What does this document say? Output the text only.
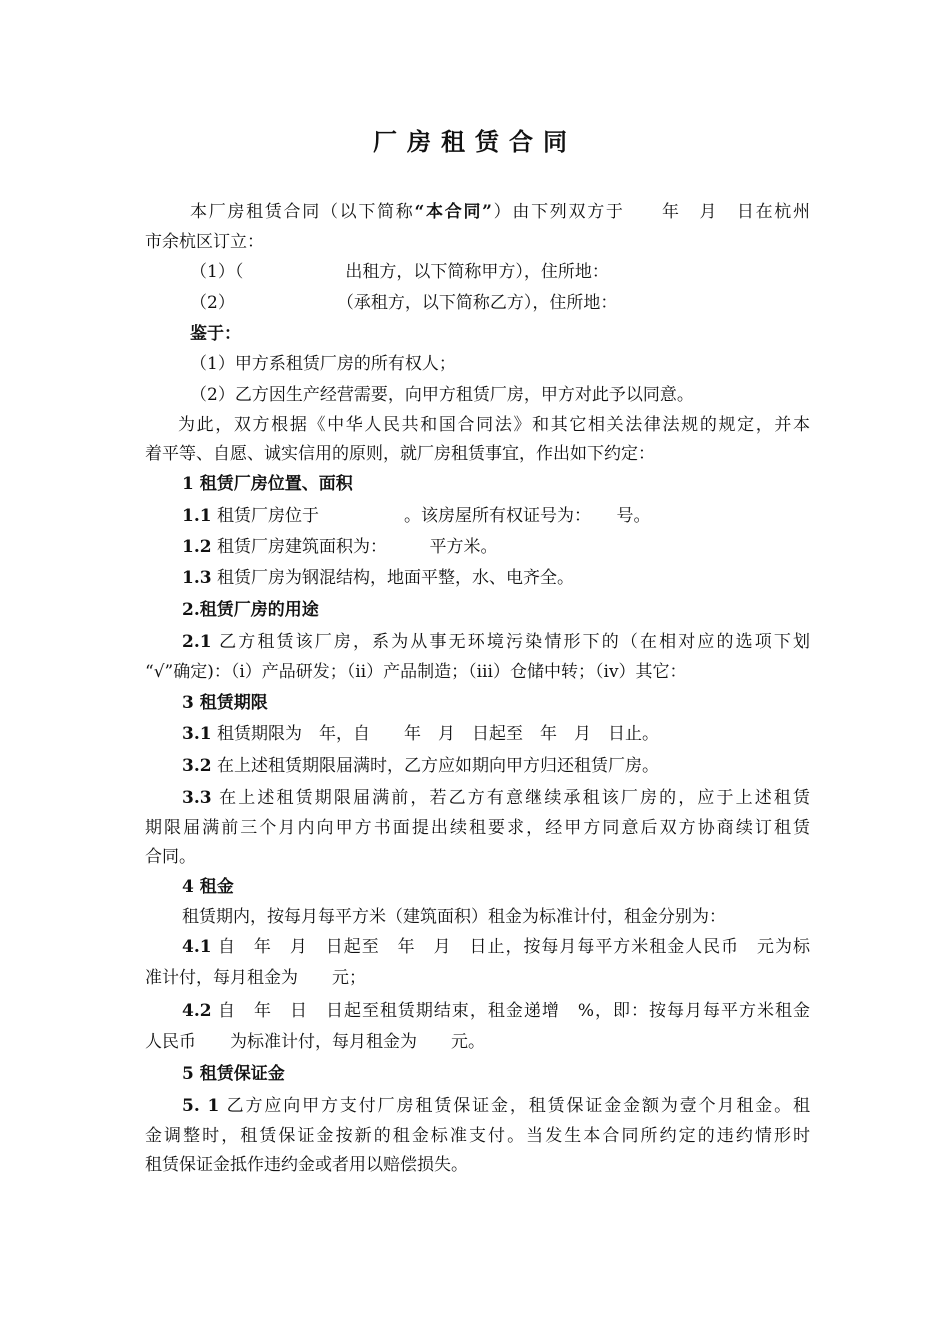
厂房租赁合同
本厂房租赁合同（以下简称“本合同”）由下列双方于　　年　月　日在杭州
市余杭区订立：
（1）（　　　　　　出租方，以下简称甲方），住所地：
（2）　　　　　　　（承租方，以下简称乙方），住所地：
鉴于：
（1）甲方系租赁厂房的所有权人；
（2）乙方因生产经营需要，向甲方租赁厂房，甲方对此予以同意。
为此，双方根据《中华人民共和国合同法》和其它相关法律法规的规定，并本
着平等、自愿、诚实信用的原则，就厂房租赁事宜，作出如下约定：
1 租赁厂房位置、面积
1.1 租赁厂房位于　　　　　。该房屋所有权证号为：　　号。
1.2 租赁厂房建筑面积为：　　　平方米。
1.3 租赁厂房为钢混结构，地面平整，水、电齐全。
2.租赁厂房的用途
2.1 乙方租赁该厂房，系为从事无环境污染情形下的（在相对应的选项下划
“√”确定)：（ⅰ）产品研发；（ⅱ）产品制造；（ⅲ）仓储中转；（ⅳ）其它：
3 租赁期限
3.1 租赁期限为　年，自　　年　月　日起至　年　月　日止。
3.2 在上述租赁期限届满时，乙方应如期向甲方归还租赁厂房。
3.3 在上述租赁期限届满前，若乙方有意继续承租该厂房的，应于上述租赁
期限届满前三个月内向甲方书面提出续租要求，经甲方同意后双方协商续订租赁
合同。
4 租金
租赁期内，按每月每平方米（建筑面积）租金为标准计付，租金分别为：
4.1 自　年　月　日起至　年　月　日止，按每月每平方米租金人民币　元为标
准计付，每月租金为　　元；
4.2 自　年　日　日起至租赁期结束，租金递增　%，即：按每月每平方米租金
人民币　　为标准计付，每月租金为　　元。
5 租赁保证金
5. 1 乙方应向甲方支付厂房租赁保证金，租赁保证金金额为壹个月租金。租
金调整时，租赁保证金按新的租金标准支付。当发生本合同所约定的违约情形时
租赁保证金抵作违约金或者用以赔偿损失。
